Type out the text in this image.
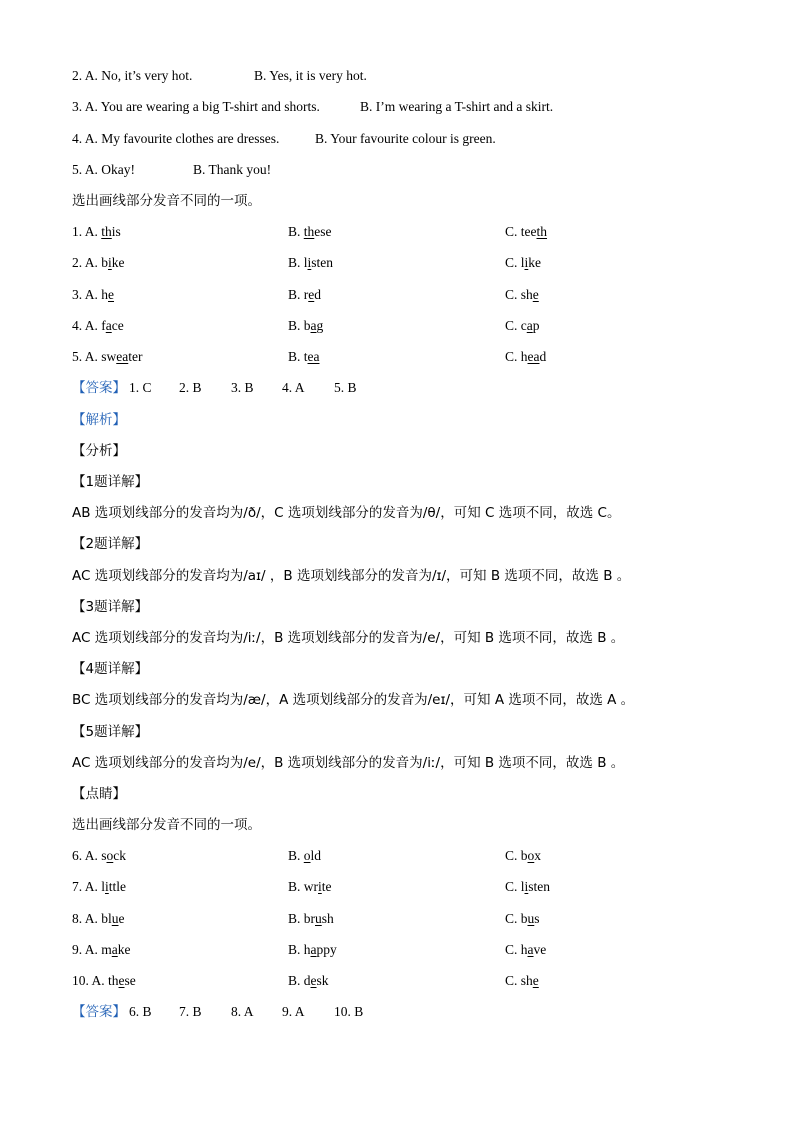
2. A. No, it’s very hot.	B. Yes, it is very hot.
3. A. You are wearing a big T-shirt and shorts.	B. I’m wearing a T-shirt and a skirt.
4. A. My favourite clothes are dresses.	B. Your favourite colour is green.
5. A. Okay!	B. Thank you!
选出画线部分发音不同的一项。
1. A. this	B. these	C. teeth
2. A. bike	B. listen	C. like
3. A. he	B. red	C. she
4. A. face	B. bag	C. cap
5. A. sweater	B. tea	C. head
【答案】 1. C 2. B 3. B 4. A 5. B
【解析】
【分析】
【1题详解】
AB 选项划线部分的发音均为/ð/，C 选项划线部分的发音为/θ/，可知 C 选项不同，故选 C。
【2题详解】
AC 选项划线部分的发音均为/aɪ/ ，B 选项划线部分的发音为/ɪ/，可知 B 选项不同，故选 B 。
【3题详解】
AC 选项划线部分的发音均为/iː/，B 选项划线部分的发音为/e/，可知 B 选项不同，故选 B 。
【4题详解】
BC 选项划线部分的发音均为/æ/，A 选项划线部分的发音为/eɪ/，可知 A 选项不同，故选 A 。
【5题详解】
AC 选项划线部分的发音均为/e/，B 选项划线部分的发音为/iː/，可知 B 选项不同，故选 B 。
【点睛】
选出画线部分发音不同的一项。
6. A. sock	B. old	C. box
7. A. little	B. write	C. listen
8. A. blue	B. brush	C. bus
9. A. make	B. happy	C. have
10. A. these	B. desk	C. she
【答案】 6. B 7. B 8. A 9. A 10. B
